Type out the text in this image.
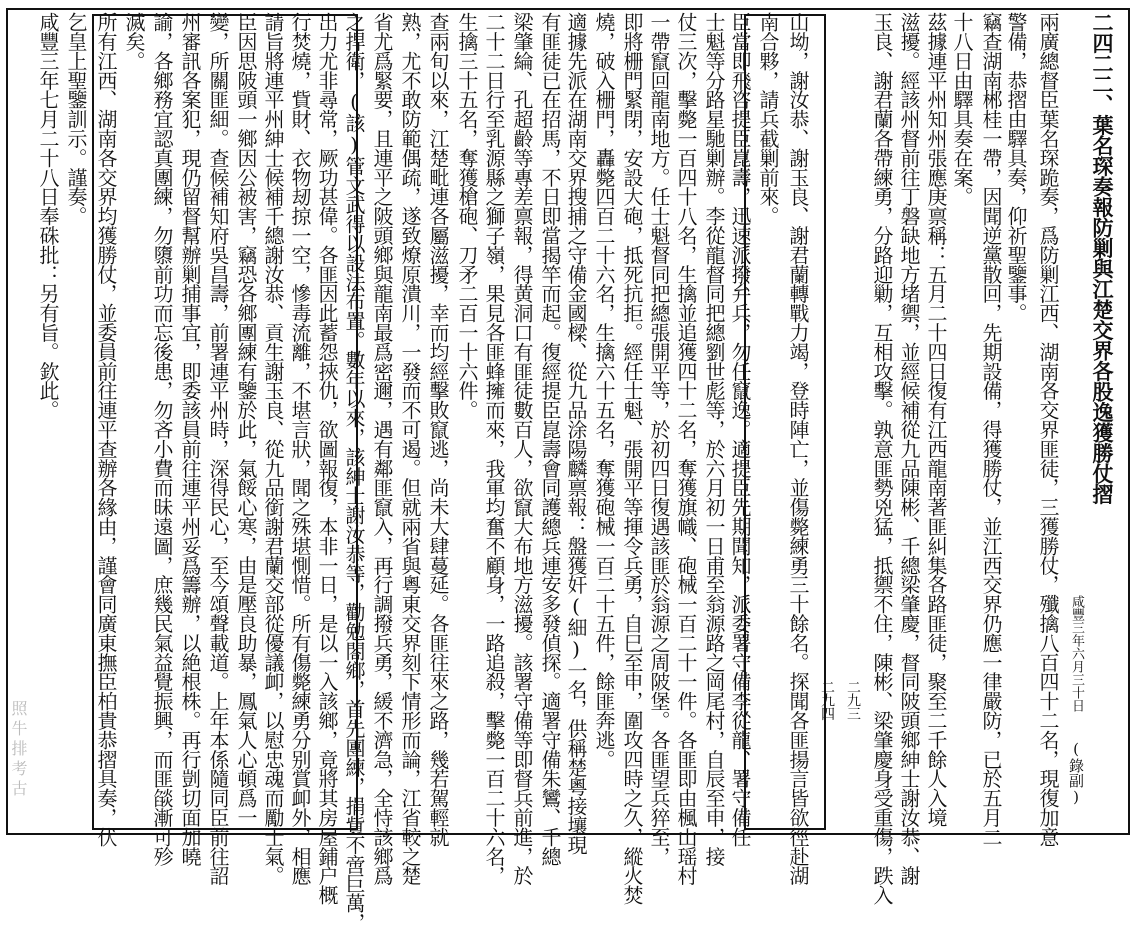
二四二二、葉名琛奏報防剿與江楚交界各股逸獲勝仗摺
咸豐三年六月三十日
(錄副)
兩廣總督臣葉名琛跪奏，爲防剿江西、湖南各交界匪徒，三獲勝仗，殲擒八百四十二名，現復加意
警備，恭摺由驛具奏，仰祈聖鑒事。
竊查湖南郴桂一帶，因聞逆黨散回，先期設備，得獲勝仗，並江西交界仍應一律嚴防，已於五月二
十八日由驛具奏在案。
茲據連平州知州張應庚禀稱：五月二十四日復有江西龍南著匪糾集各路匪徒，聚至二千餘人入境
滋擾。經該州督前往丁磐缺地方堵禦，並經候補從九品陳彬、千總梁肇慶，督同陂頭鄉紳士謝汝恭、謝
玉良、謝君蘭各帶練勇，分路迎勦，互相攻擊。孰意匪勢兇猛，抵禦不住，陳彬、梁肇慶身受重傷，跌入
二九三
二九四
山坳，謝汝恭、謝玉良、謝君蘭轉戰力竭，登時陣亡，並傷斃練勇三十餘名。探聞各匪揚言皆欲徑赴湖
南合夥，請兵截剿前來。
臣當即飛咨提臣崑壽，迅速派撥弁兵，勿任竄逸。適提臣先期聞知，派委署守備李從龍、署守備任
士魁等分路星馳剿辦。李從龍督同把總劉世彪等，於六月初一日甫至翁源路之岡尾村，自辰至申，接
仗三次，擊斃一百四十八名，生擒並追獲四十二名，奪獲旗幟、砲械一百二十一件。各匪即由楓山瑶村
一帶竄回龍南地方。任士魁督同把總張開平等，於初四日復遇該匪於翁源之周陂堡。各匪望兵猝至，
即將栅門緊閉，安設大砲，抵死抗拒。經任士魁、張開平等揮令兵勇，自巳至申，圍攻四時之久，縱火焚
燒，破入栅門，轟斃四百二十六名，生擒六十五名，奪獲砲械一百二十五件，餘匪奔逃。
適據先派在湖南交界搜捕之守備金國樑、從九品涂陽麟禀報：盤獲奸(細)一名，供稱楚粵接壤現
有匪徒已在招馬，不日即當揭竿而起。復經提臣崑壽會同護總兵連安多發偵探。適署守備朱鸞、千總
梁肇綸、孔超齡等專差禀報，得黄洞口有匪徒數百人，欲竄大布地方滋擾。該署守備等即督兵前進，於
二十二日行至乳源縣之獅子嶺，果見各匪蜂擁而來，我軍均奮不顧身，一路追殺，擊斃一百二十六名，
生擒三十五名，奪獲槍砲、刀矛二百一十六件。
查兩旬以來，江楚毗連各屬滋擾，幸而均經擊敗竄逃，尚未大肆蔓延。各匪往來之路，幾若駕輕就
熟，尤不敢防範偶疏，遂致燎原潰川，一發而不可遏。但就兩省與粵東交界刻下情形而論，江省較之楚
省尤爲緊要，且連平之陂頭鄉與龍南最爲密邇，遇有鄰匪竄入，再行調撥兵勇，緩不濟急，全恃該鄉爲
之捍衛，(該)管文武得以設法布置。數年以來，該紳士謝汝恭等，勸勉閤鄉，首先團練，捐貲不啻巨萬，
出力尤非尋常，厥功甚偉。各匪因此蓄怨挾仇，欲圖報復，本非一日，是以一入該鄉，竟將其房屋鋪户概
行焚燒，貲財、衣物刼掠一空，慘毒流離，不堪言狀，聞之殊堪惻惜。所有傷斃練勇分别賞卹外，相應
請旨將連平州紳士候補千總謝汝恭、貢生謝玉良、從九品銜謝君蘭交部從優議卹，以慰忠魂而勵士氣。
臣因思陂頭一鄉因公被害，竊恐各鄉團練有鑒於此，氣餒心寒，由是壓良助暴，鳳氣人心頓爲一
變，所關匪細。查候補知府吳昌壽，前署連平州時，深得民心，至今頌聲載道。上年本係隨同臣前往詔
州審訊各案犯，現仍留督幫辦剿捕事宜，即委該員前往連平州妥爲籌辦，以絶根株。再行剴切面加曉
諭，各鄉務宜認真團練，勿隳前功而忘後患，勿吝小費而昧遠圖，庶幾民氣益覺振興，而匪燄漸可殄
滅矣。
所有江西、湖南各交界均獲勝仗，並委員前往連平查辦各緣由，謹會同廣東撫臣柏貴恭摺具奏，伏
乞皇上聖鑒訓示。謹奏。
咸豐三年七月二十八日奉硃批：另有旨。欽此。
照牛排考古
